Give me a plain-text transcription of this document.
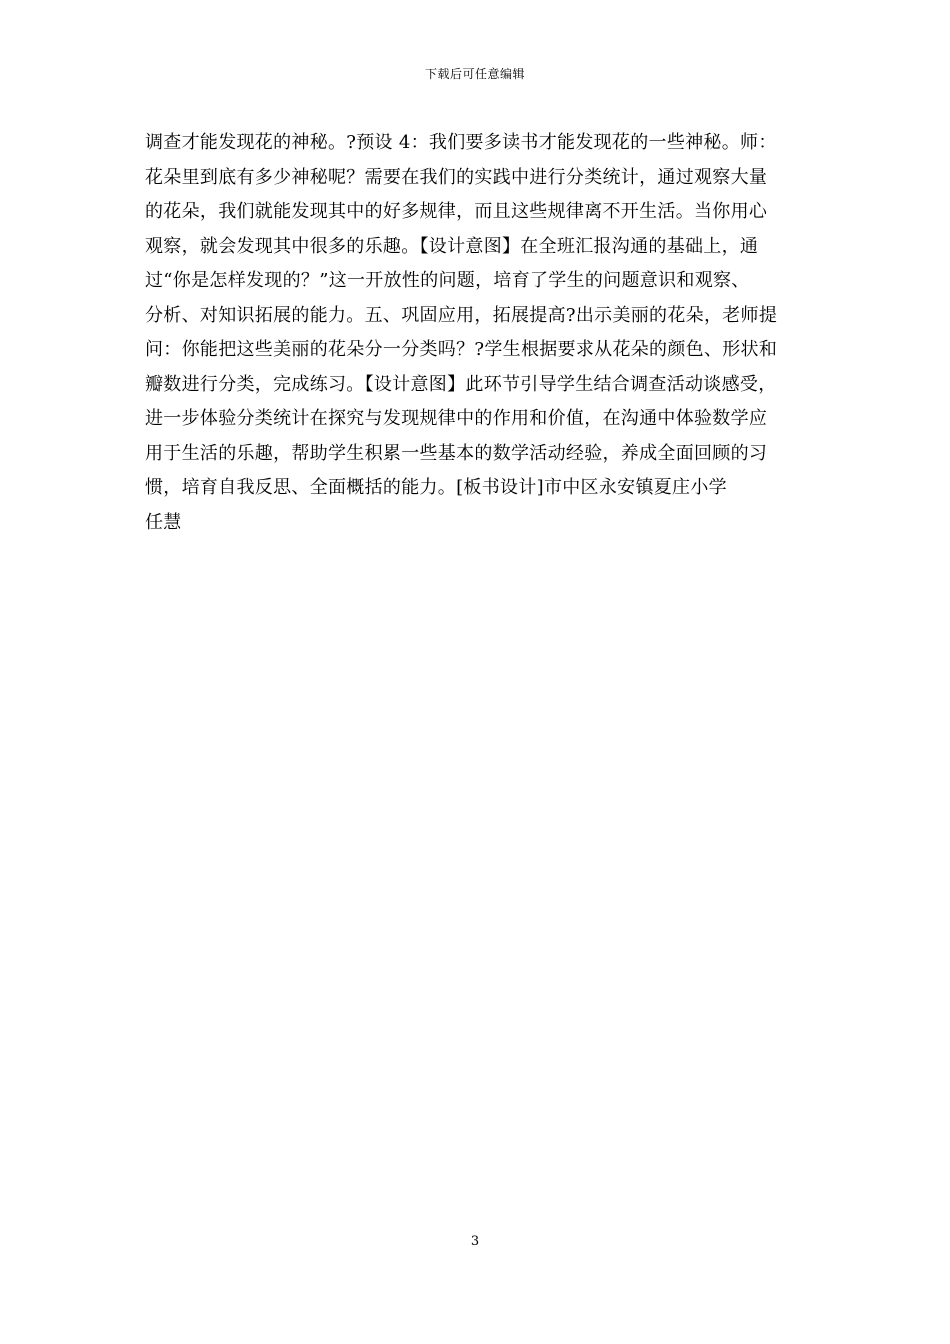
下载后可任意编辑
调查才能发现花的神秘。?预设 4：我们要多读书才能发现花的一些神秘。师：
花朵里到底有多少神秘呢？需要在我们的实践中进行分类统计，通过观察大量
的花朵，我们就能发现其中的好多规律，而且这些规律离不开生活。当你用心
观察，就会发现其中很多的乐趣。【设计意图】在全班汇报沟通的基础上，通
过“你是怎样发现的？”这一开放性的问题，培育了学生的问题意识和观察、
分析、对知识拓展的能力。五、巩固应用，拓展提高?出示美丽的花朵，老师提
问：你能把这些美丽的花朵分一分类吗？?学生根据要求从花朵的颜色、形状和
瓣数进行分类，完成练习。【设计意图】此环节引导学生结合调查活动谈感受，
进一步体验分类统计在探究与发现规律中的作用和价值，在沟通中体验数学应
用于生活的乐趣，帮助学生积累一些基本的数学活动经验，养成全面回顾的习
惯，培育自我反思、全面概括的能力。[板书设计]市中区永安镇夏庄小学
任慧
3
